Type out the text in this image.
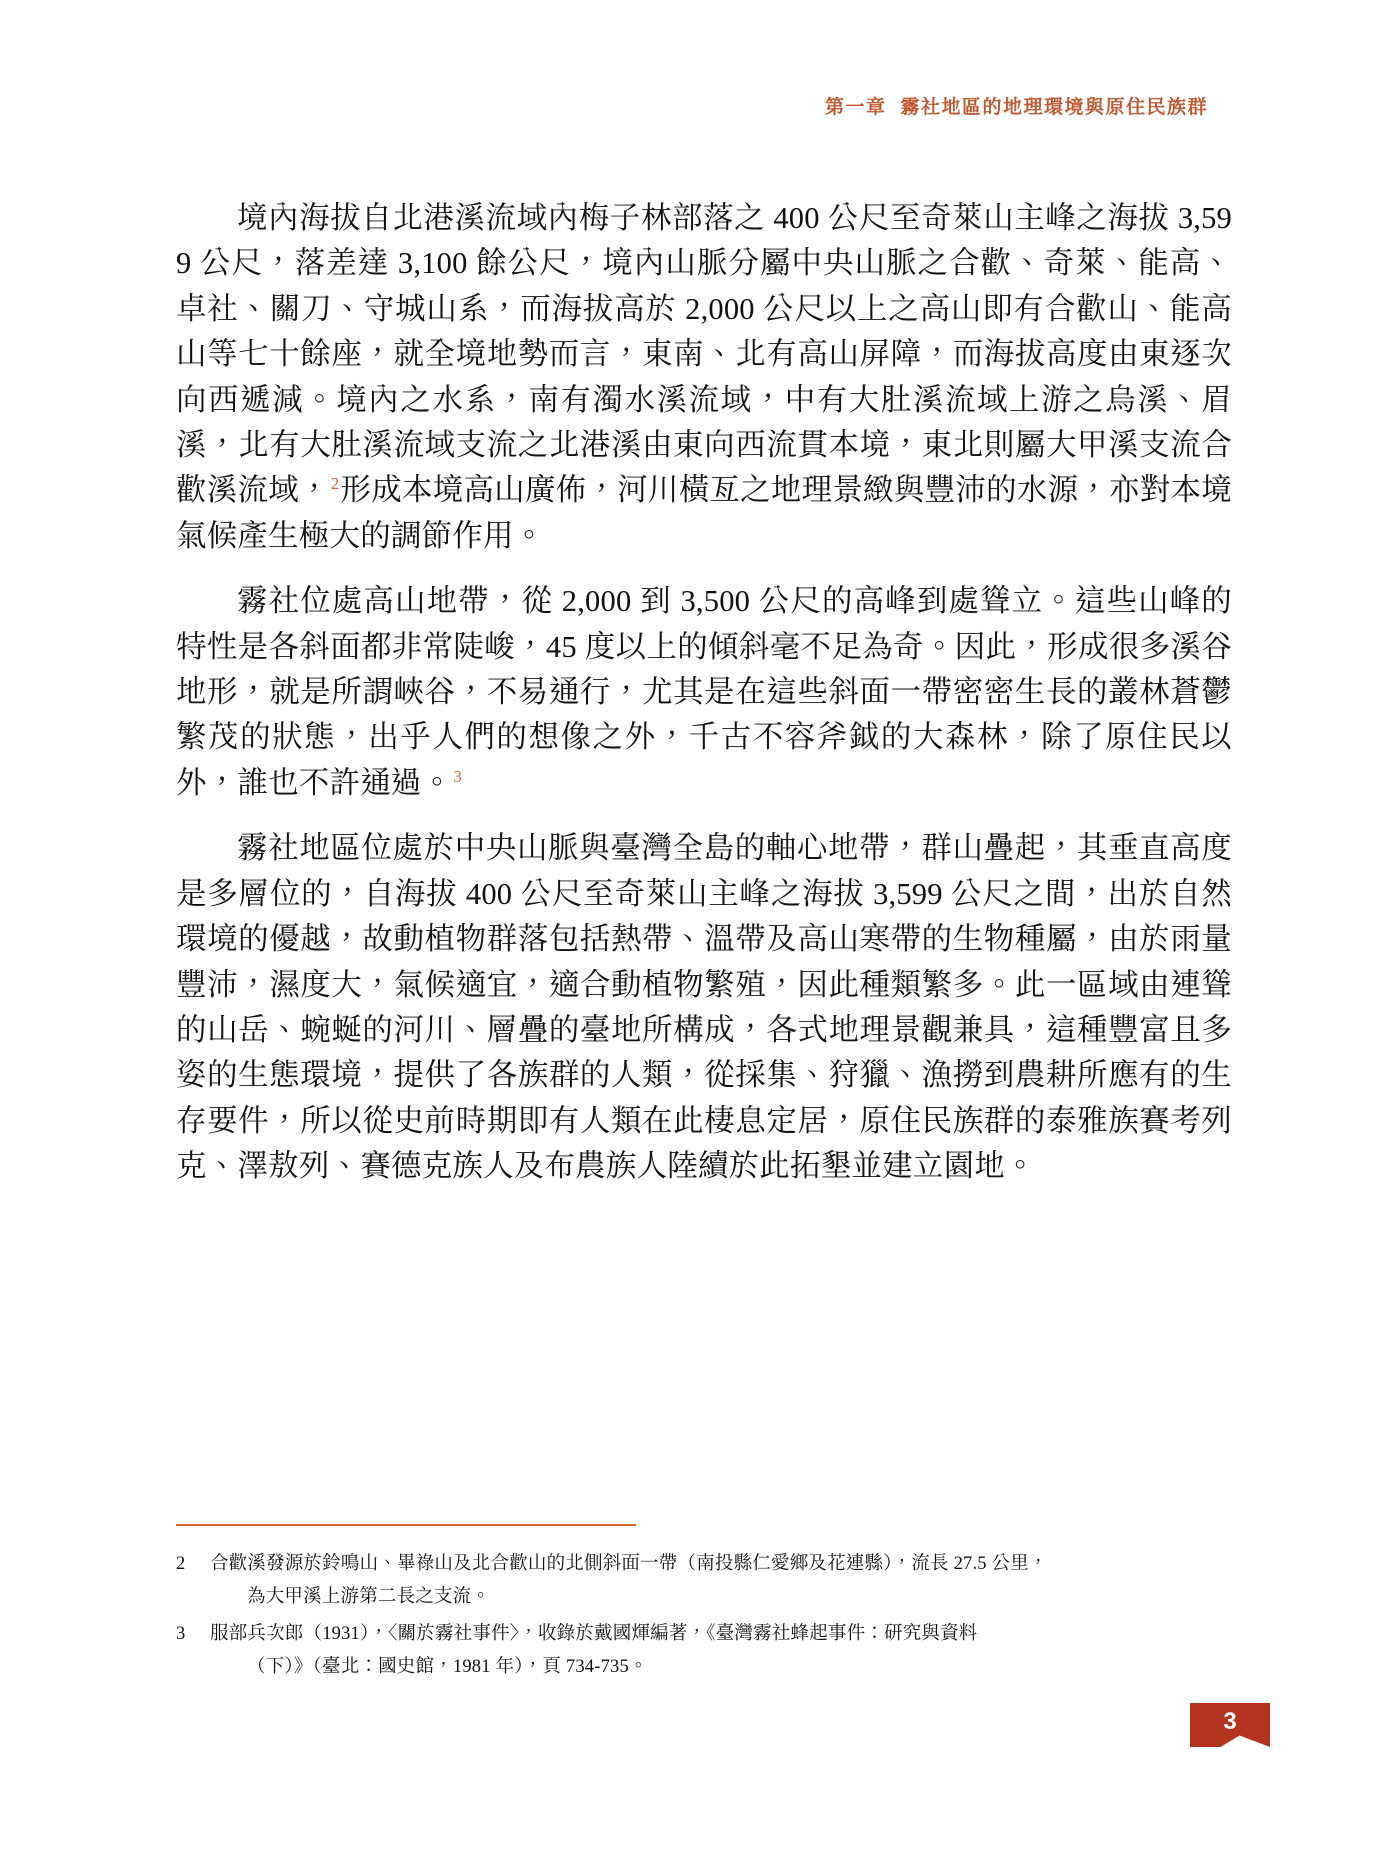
第一章 霧社地區的地理環境與原住民族群

境內海拔自北港溪流域內梅子林部落之 400 公尺至奇萊山主峰之海拔 3,599 公尺，落差達 3,100 餘公尺，境內山脈分屬中央山脈之合歡、奇萊、能高、卓社、關刀、守城山系，而海拔高於 2,000 公尺以上之高山即有合歡山、能高山等七十餘座，就全境地勢而言，東南、北有高山屏障，而海拔高度由東逐次向西遞減。境內之水系，南有濁水溪流域，中有大肚溪流域上游之烏溪、眉溪，北有大肚溪流域支流之北港溪由東向西流貫本境，東北則屬大甲溪支流合歡溪流域，$^2$形成本境高山廣佈，河川橫亙之地理景緻與豐沛的水源，亦對本境氣候產生極大的調節作用。

霧社位處高山地帶，從 2,000 到 3,500 公尺的高峰到處聳立。這些山峰的特性是各斜面都非常陡峻，45 度以上的傾斜毫不足為奇。因此，形成很多溪谷地形，就是所謂峽谷，不易通行，尤其是在這些斜面一帶密密生長的叢林蒼鬱繁茂的狀態，出乎人們的想像之外，千古不容斧鉞的大森林，除了原住民以外，誰也不許通過。$^3$

霧社地區位處於中央山脈與臺灣全島的軸心地帶，群山疊起，其垂直高度是多層位的，自海拔 400 公尺至奇萊山主峰之海拔 3,599 公尺之間，出於自然環境的優越，故動植物群落包括熱帶、溫帶及高山寒帶的生物種屬，由於雨量豐沛，濕度大，氣候適宜，適合動植物繁殖，因此種類繁多。此一區域由連聳的山岳、蜿蜒的河川、層疊的臺地所構成，各式地理景觀兼具，這種豐富且多姿的生態環境，提供了各族群的人類，從採集、狩獵、漁撈到農耕所應有的生存要件，所以從史前時期即有人類在此棲息定居，原住民族群的泰雅族賽考列克、澤敖列、賽德克族人及布農族人陸續於此拓墾並建立園地。

2	合歡溪發源於鈴鳴山、畢祿山及北合歡山的北側斜面一帶（南投縣仁愛鄉及花連縣），流長 27.5 公里，
為大甲溪上游第二長之支流。
3	服部兵次郎（1931），〈關於霧社事件〉，收錄於戴國煇編著，《臺灣霧社蜂起事件：研究與資料
（下）》（臺北：國史館，1981 年），頁 734-735。
3
